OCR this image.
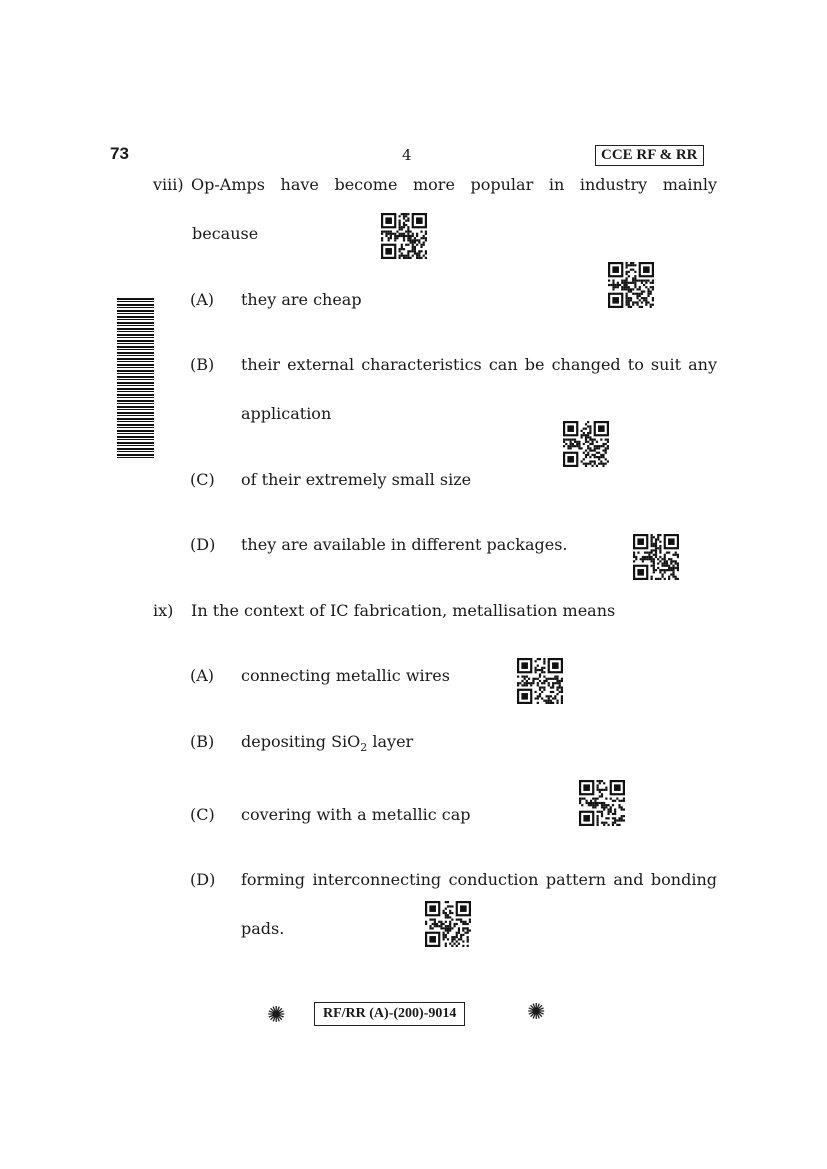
73	4	CCE RF & RR
viii) Op-Amps have become more popular in industry mainly
because
(A) they are cheap
(B) their external characteristics can be changed to suit any
application
(C) of their extremely small size
(D) they are available in different packages.
ix) In the context of IC fabrication, metallisation means
(A) connecting metallic wires
(B) depositing SiO$_2$ layer
(C) covering with a metallic cap
(D) forming interconnecting conduction pattern and bonding
pads.
✺	RF/RR (A)-(200)-9014	✺
